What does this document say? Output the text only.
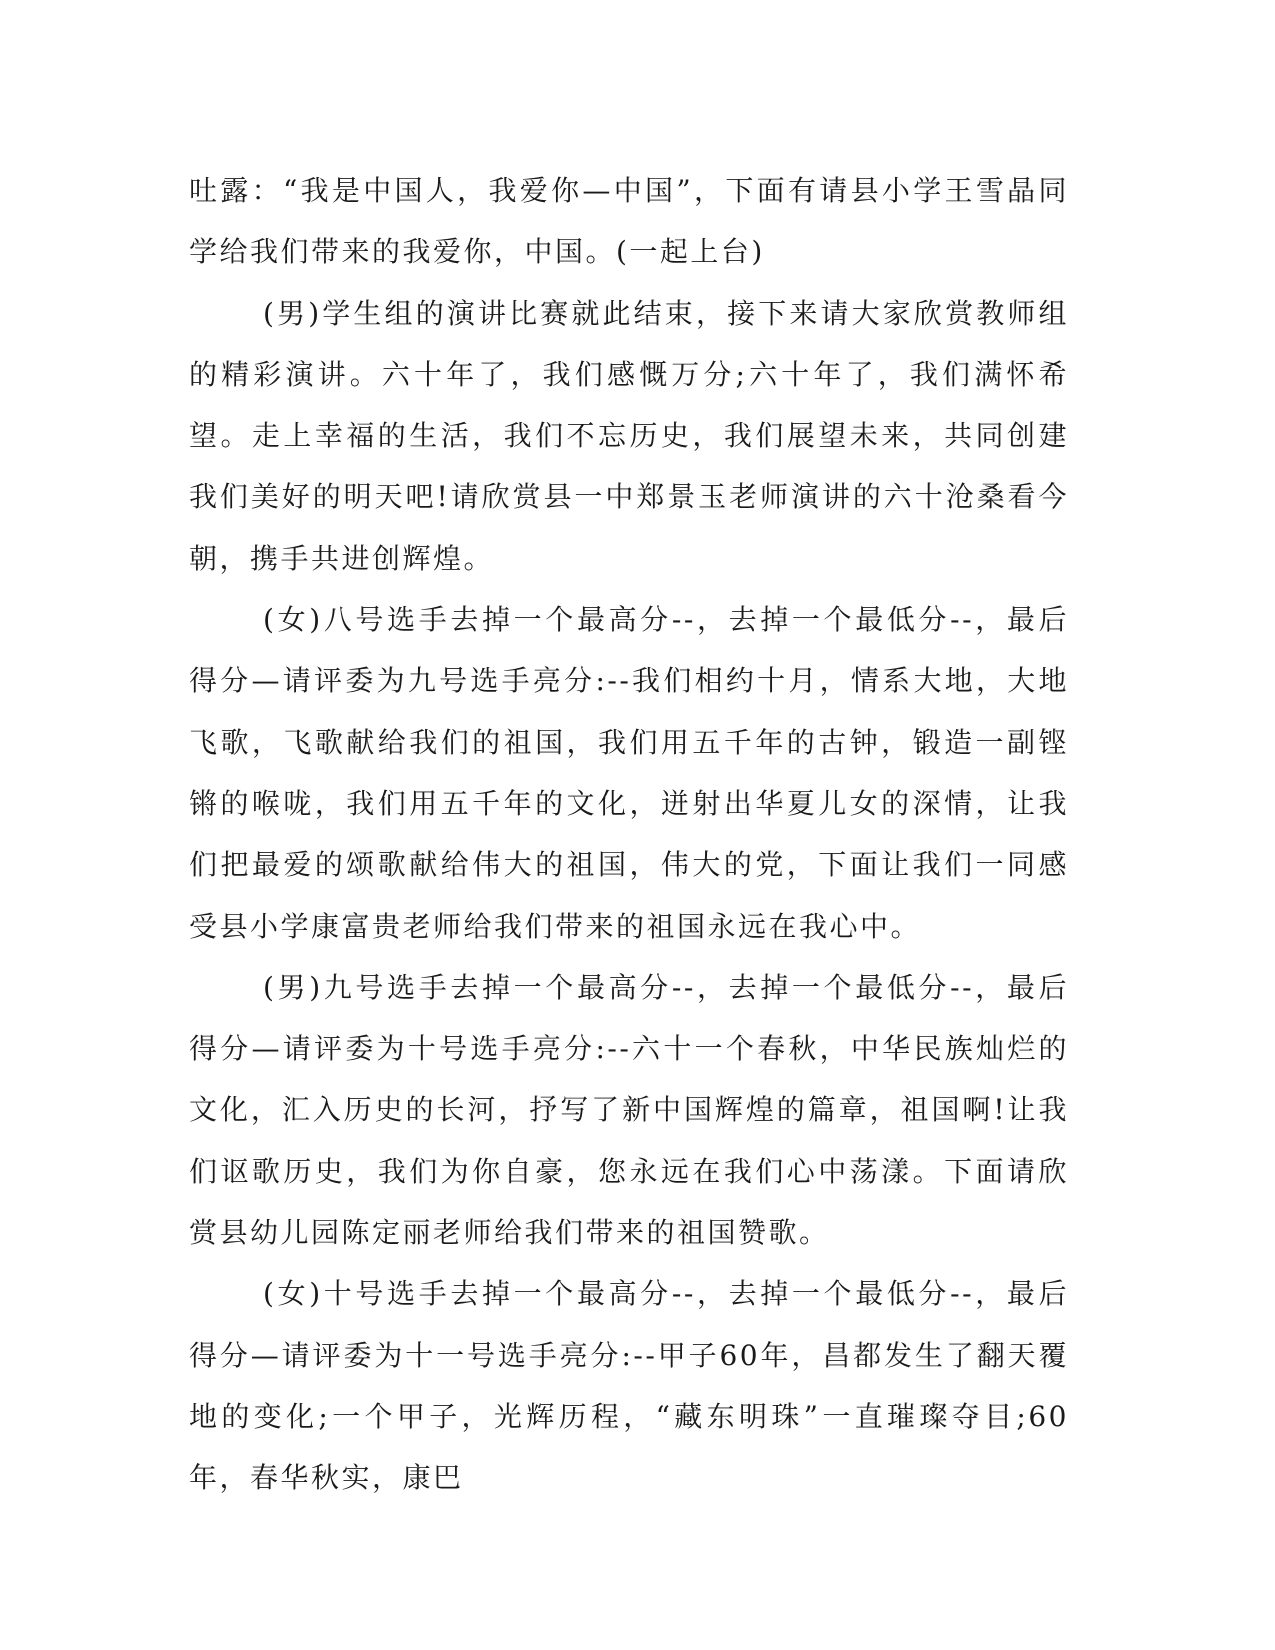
吐露：“我是中国人，我爱你—中国”，下面有请县小学王雪晶同学给我们带来的我爱你，中国。(一起上台)

(男)学生组的演讲比赛就此结束，接下来请大家欣赏教师组的精彩演讲。六十年了，我们感慨万分;六十年了，我们满怀希望。走上幸福的生活，我们不忘历史，我们展望未来，共同创建我们美好的明天吧!请欣赏县一中郑景玉老师演讲的六十沧桑看今朝，携手共进创辉煌。

(女)八号选手去掉一个最高分--，去掉一个最低分--，最后得分—请评委为九号选手亮分:--我们相约十月，情系大地，大地飞歌，飞歌献给我们的祖国，我们用五千年的古钟，锻造一副铿锵的喉咙，我们用五千年的文化，迸射出华夏儿女的深情，让我们把最爱的颂歌献给伟大的祖国，伟大的党，下面让我们一同感受县小学康富贵老师给我们带来的祖国永远在我心中。

(男)九号选手去掉一个最高分--，去掉一个最低分--，最后得分—请评委为十号选手亮分:--六十一个春秋，中华民族灿烂的文化，汇入历史的长河，抒写了新中国辉煌的篇章，祖国啊!让我们讴歌历史，我们为你自豪，您永远在我们心中荡漾。下面请欣赏县幼儿园陈定丽老师给我们带来的祖国赞歌。

(女)十号选手去掉一个最高分--，去掉一个最低分--，最后得分—请评委为十一号选手亮分:--甲子60年，昌都发生了翻天覆地的变化;一个甲子，光辉历程，“藏东明珠”一直璀璨夺目;60年，春华秋实，康巴
